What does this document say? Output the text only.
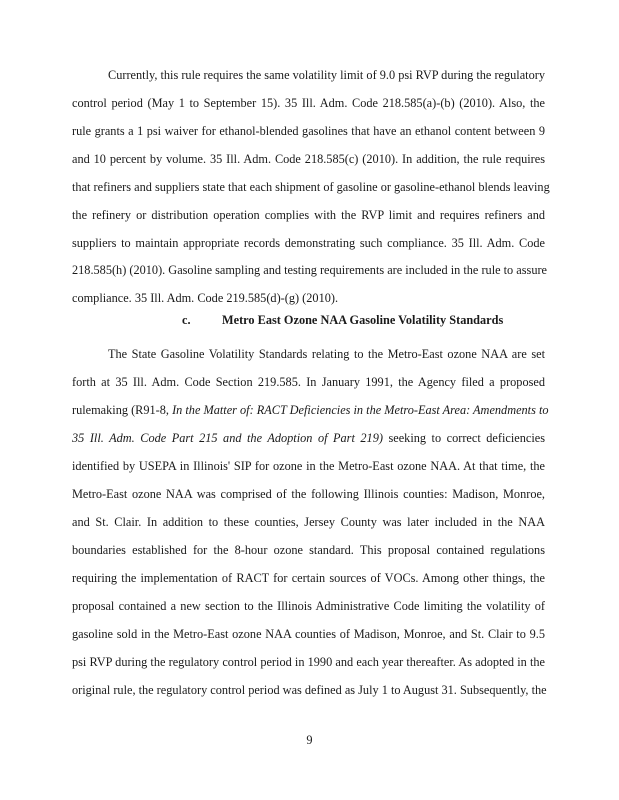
Currently, this rule requires the same volatility limit of 9.0 psi RVP during the regulatory
control period (May 1 to September 15). 35 Ill. Adm. Code 218.585(a)-(b) (2010). Also, the
rule grants a 1 psi waiver for ethanol-blended gasolines that have an ethanol content between 9
and 10 percent by volume. 35 Ill. Adm. Code 218.585(c) (2010). In addition, the rule requires
that refiners and suppliers state that each shipment of gasoline or gasoline-ethanol blends leaving
the refinery or distribution operation complies with the RVP limit and requires refiners and
suppliers to maintain appropriate records demonstrating such compliance. 35 Ill. Adm. Code
218.585(h) (2010). Gasoline sampling and testing requirements are included in the rule to assure
compliance. 35 Ill. Adm. Code 219.585(d)-(g) (2010).
c.	Metro East Ozone NAA Gasoline Volatility Standards
The State Gasoline Volatility Standards relating to the Metro-East ozone NAA are set
forth at 35 Ill. Adm. Code Section 219.585. In January 1991, the Agency filed a proposed
rulemaking (R91-8, In the Matter of: RACT Deficiencies in the Metro-East Area: Amendments to
35 Ill. Adm. Code Part 215 and the Adoption of Part 219) seeking to correct deficiencies
identified by USEPA in Illinois' SIP for ozone in the Metro-East ozone NAA. At that time, the
Metro-East ozone NAA was comprised of the following Illinois counties: Madison, Monroe,
and St. Clair. In addition to these counties, Jersey County was later included in the NAA
boundaries established for the 8-hour ozone standard. This proposal contained regulations
requiring the implementation of RACT for certain sources of VOCs. Among other things, the
proposal contained a new section to the Illinois Administrative Code limiting the volatility of
gasoline sold in the Metro-East ozone NAA counties of Madison, Monroe, and St. Clair to 9.5
psi RVP during the regulatory control period in 1990 and each year thereafter. As adopted in the
original rule, the regulatory control period was defined as July 1 to August 31. Subsequently, the
9
